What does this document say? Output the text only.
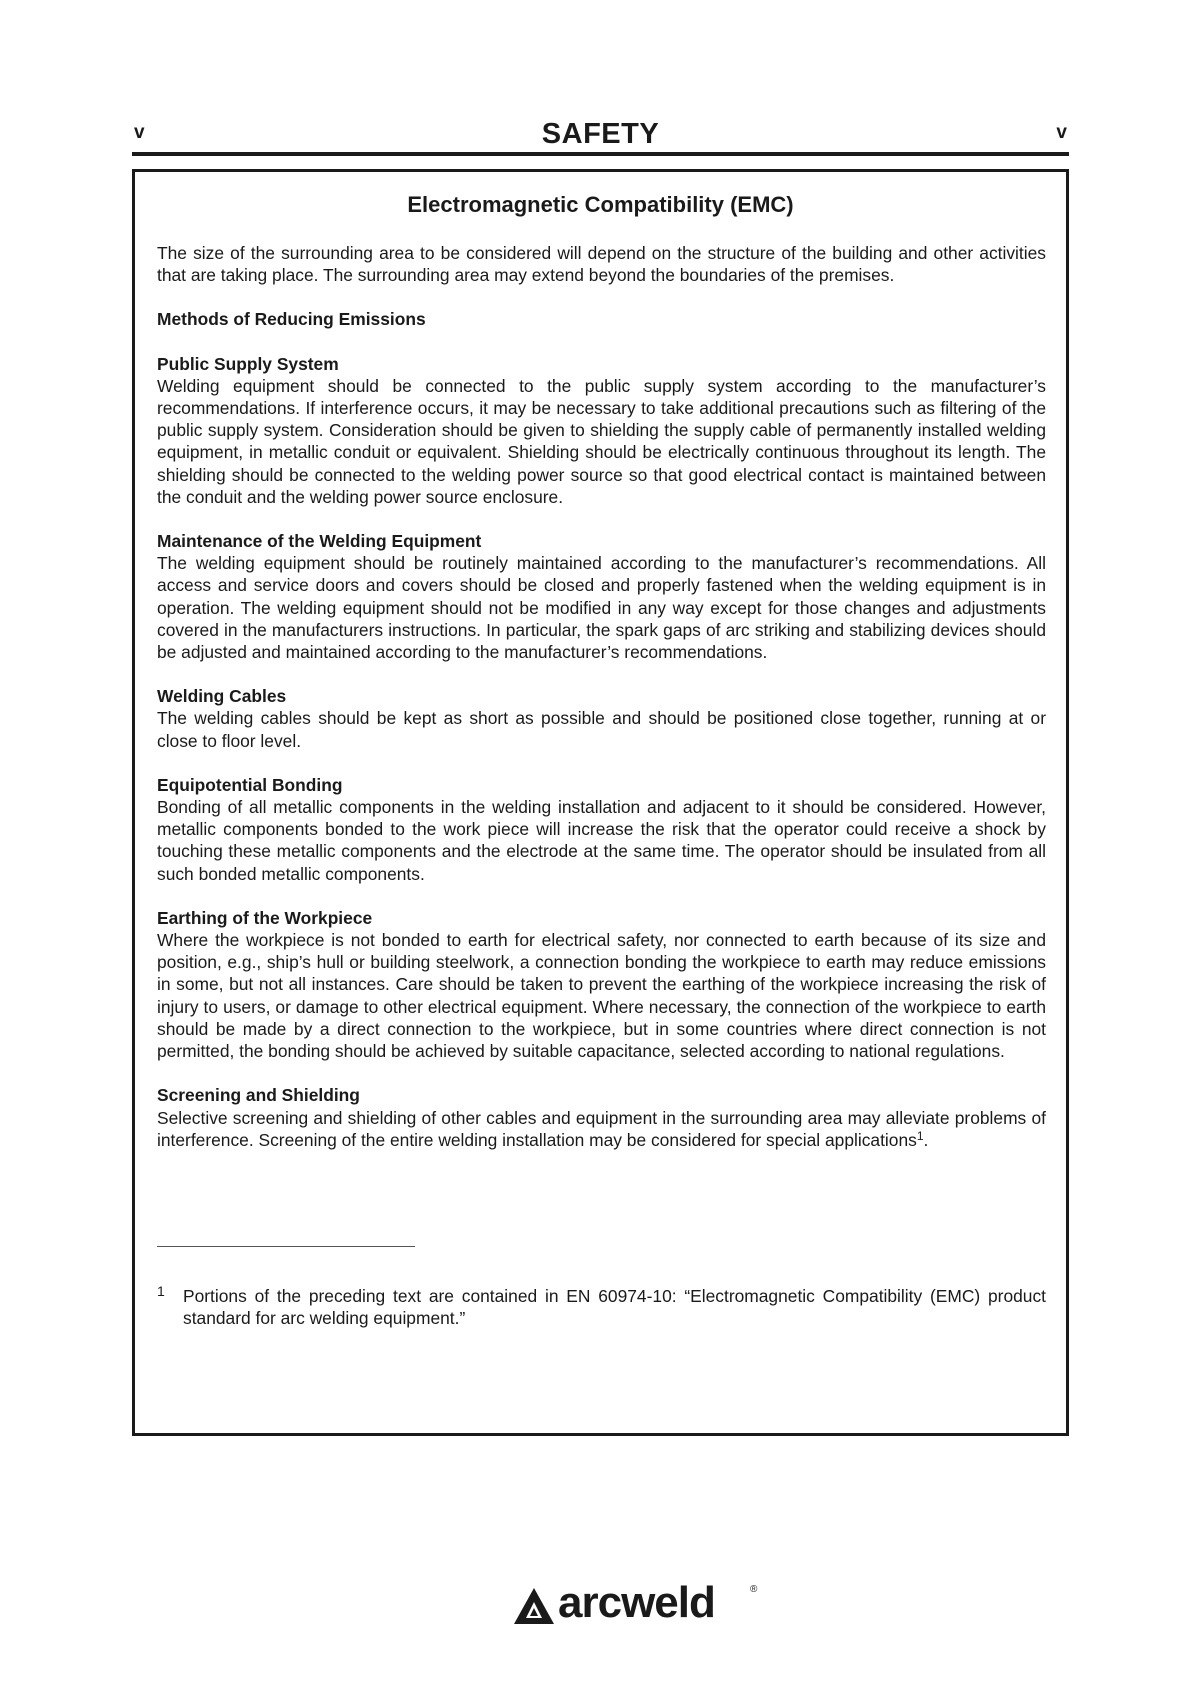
v	SAFETY	v
Electromagnetic Compatibility (EMC)

The size of the surrounding area to be considered will depend on the structure of the building and other activities that are taking place. The surrounding area may extend beyond the boundaries of the premises.

Methods of Reducing Emissions

Public Supply System
Welding equipment should be connected to the public supply system according to the manufacturer’s recommendations. If interference occurs, it may be necessary to take additional precautions such as filtering of the public supply system. Consideration should be given to shielding the supply cable of permanently installed welding equipment, in metallic conduit or equivalent. Shielding should be electrically continuous throughout its length. The shielding should be connected to the welding power source so that good electrical contact is maintained between the conduit and the welding power source enclosure.

Maintenance of the Welding Equipment
The welding equipment should be routinely maintained according to the manufacturer’s recommendations. All access and service doors and covers should be closed and properly fastened when the welding equipment is in operation. The welding equipment should not be modified in any way except for those changes and adjustments covered in the manufacturers instructions. In particular, the spark gaps of arc striking and stabilizing devices should be adjusted and maintained according to the manufacturer’s recommendations.

Welding Cables
The welding cables should be kept as short as possible and should be positioned close together, running at or close to floor level.

Equipotential Bonding
Bonding of all metallic components in the welding installation and adjacent to it should be considered. However, metallic components bonded to the work piece will increase the risk that the operator could receive a shock by touching these metallic components and the electrode at the same time. The operator should be insulated from all such bonded metallic components.

Earthing of the Workpiece
Where the workpiece is not bonded to earth for electrical safety, nor connected to earth because of its size and position, e.g., ship’s hull or building steelwork, a connection bonding the workpiece to earth may reduce emissions in some, but not all instances. Care should be taken to prevent the earthing of the workpiece increasing the risk of injury to users, or damage to other electrical equipment. Where necessary, the connection of the workpiece to earth should be made by a direct connection to the workpiece, but in some countries where direct connection is not permitted, the bonding should be achieved by suitable capacitance, selected according to national regulations.

Screening and Shielding
Selective screening and shielding of other cables and equipment in the surrounding area may alleviate problems of interference. Screening of the entire welding installation may be considered for special applications$^1$.

1 Portions of the preceding text are contained in EN 60974-10: “Electromagnetic Compatibility (EMC) product standard for arc welding equipment.”
arcweld	®
